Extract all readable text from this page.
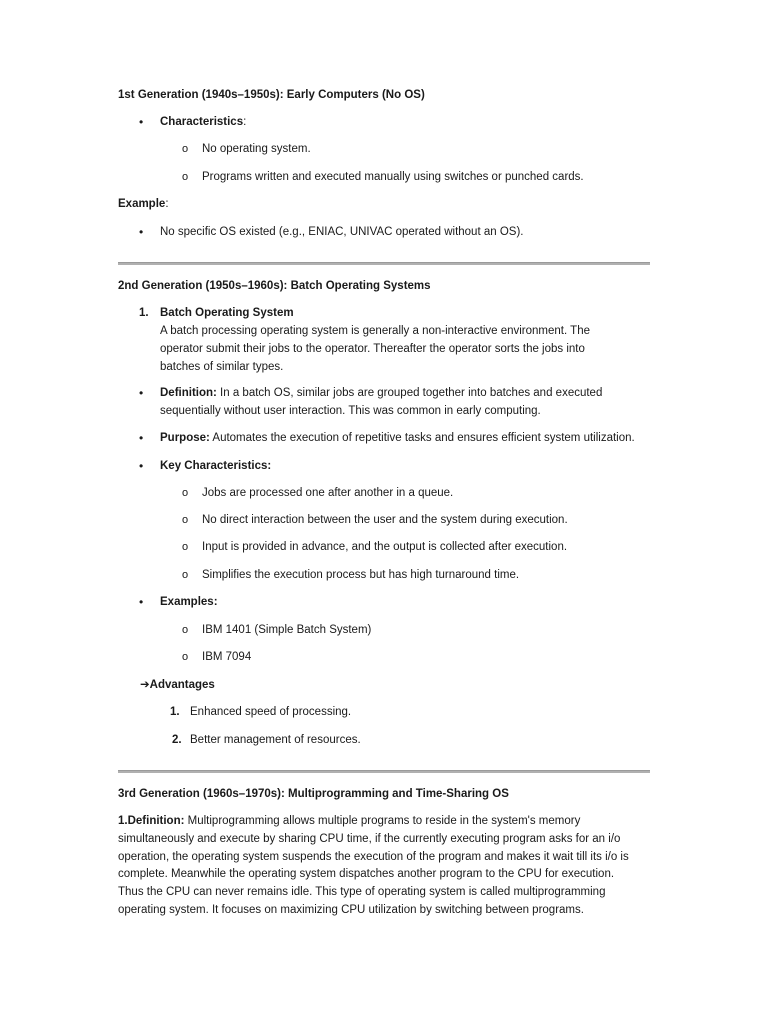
1st Generation (1940s–1950s): Early Computers (No OS)
• Characteristics:
o No operating system.
o Programs written and executed manually using switches or punched cards.
Example:
• No specific OS existed (e.g., ENIAC, UNIVAC operated without an OS).
2nd Generation (1950s–1960s): Batch Operating Systems
1. Batch Operating System
A batch processing operating system is generally a non-interactive environment. The
operator submit their jobs to the operator. Thereafter the operator sorts the jobs into
batches of similar types.
• Definition: In a batch OS, similar jobs are grouped together into batches and executed
sequentially without user interaction. This was common in early computing.
• Purpose: Automates the execution of repetitive tasks and ensures efficient system utilization.
• Key Characteristics:
o Jobs are processed one after another in a queue.
o No direct interaction between the user and the system during execution.
o Input is provided in advance, and the output is collected after execution.
o Simplifies the execution process but has high turnaround time.
• Examples:
o IBM 1401 (Simple Batch System)
o IBM 7094
➔Advantages
1. Enhanced speed of processing.
2. Better management of resources.
3rd Generation (1960s–1970s): Multiprogramming and Time-Sharing OS
1.Definition: Multiprogramming allows multiple programs to reside in the system's memory
simultaneously and execute by sharing CPU time, if the currently executing program asks for an i/o
operation, the operating system suspends the execution of the program and makes it wait till its i/o is
complete. Meanwhile the operating system dispatches another program to the CPU for execution.
Thus the CPU can never remains idle. This type of operating system is called multiprogramming
operating system. It focuses on maximizing CPU utilization by switching between programs.
